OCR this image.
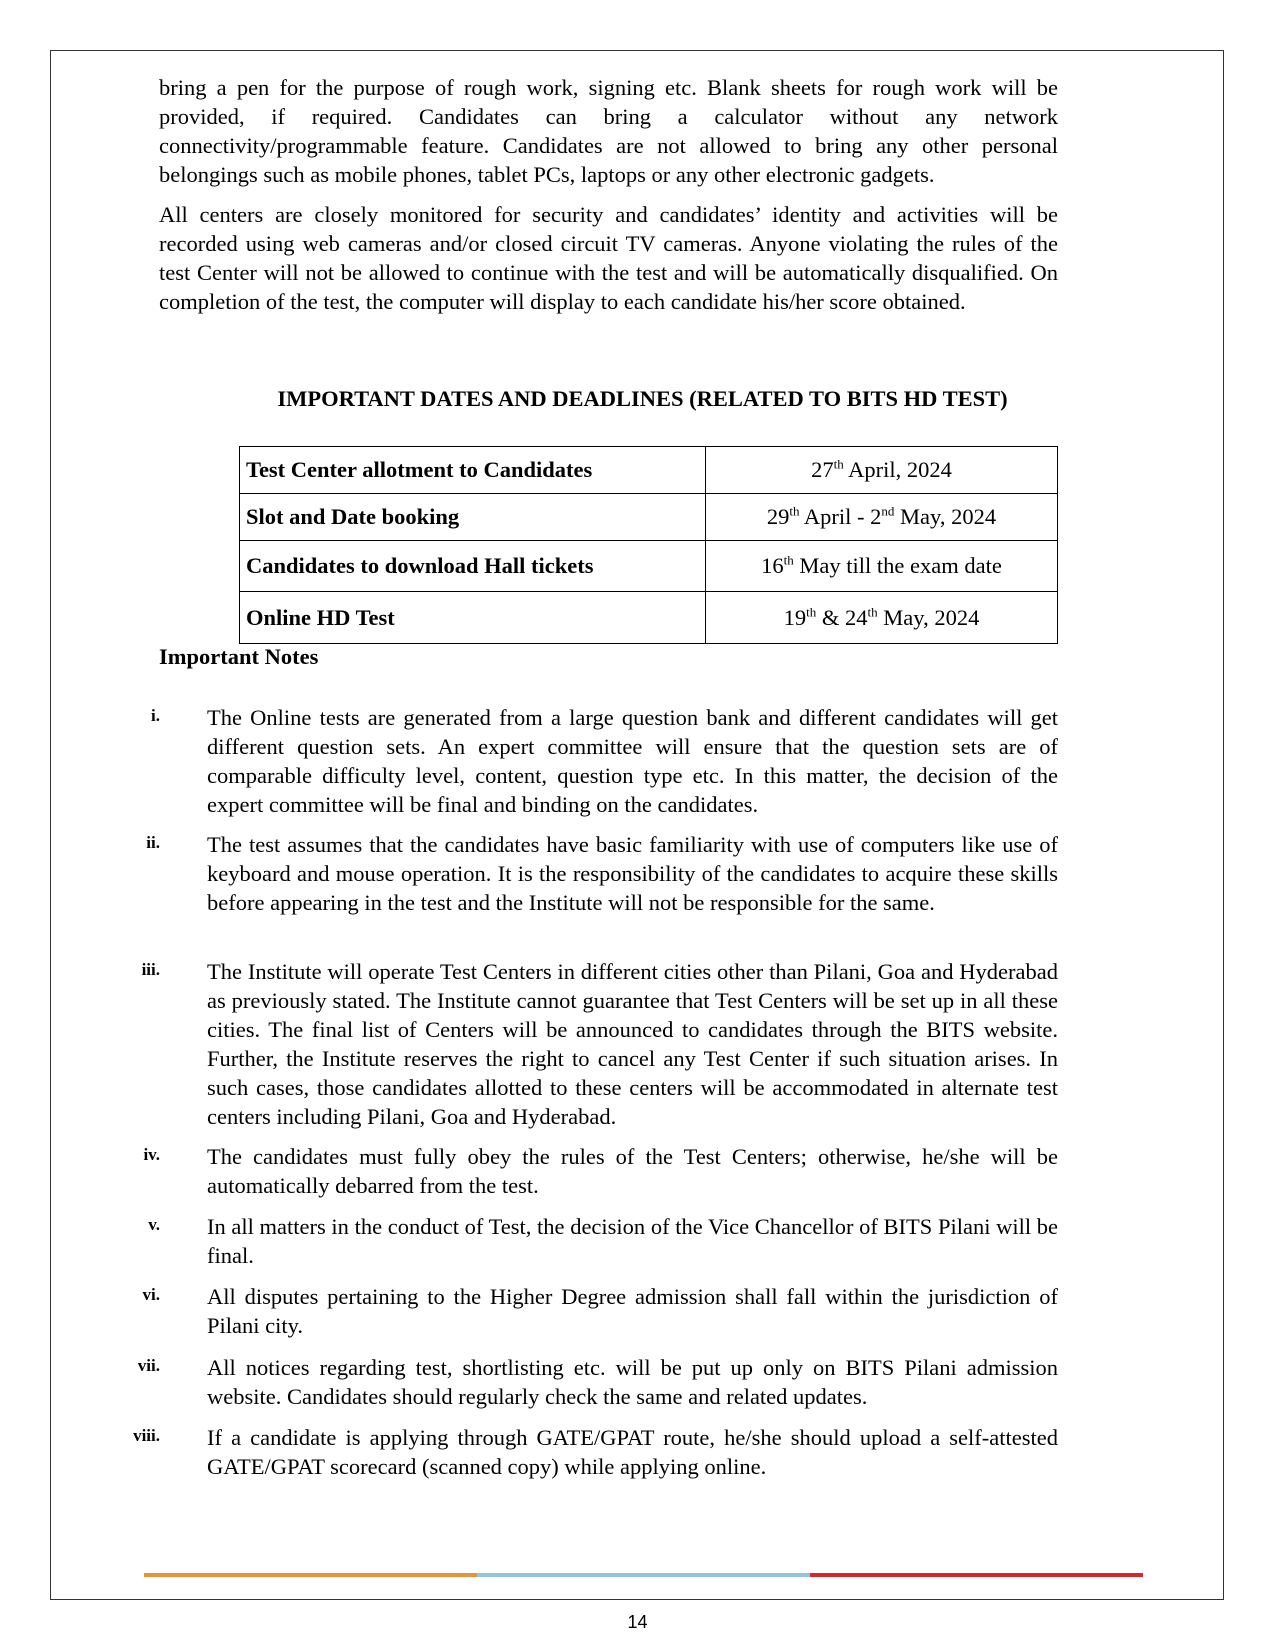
bring a pen for the purpose of rough work, signing etc. Blank sheets for rough work will be provided, if required. Candidates can bring a calculator without any network connectivity/programmable feature. Candidates are not allowed to bring any other personal belongings such as mobile phones, tablet PCs, laptops or any other electronic gadgets.

All centers are closely monitored for security and candidates’ identity and activities will be recorded using web cameras and/or closed circuit TV cameras. Anyone violating the rules of the test Center will not be allowed to continue with the test and will be automatically disqualified. On completion of the test, the computer will display to each candidate his/her score obtained.

IMPORTANT DATES AND DEADLINES (RELATED TO BITS HD TEST)
Test Center allotment to Candidates	27th April, 2024
Slot and Date booking	29th April - 2nd May, 2024
Candidates to download Hall tickets	16th May till the exam date
Online HD Test	19th & 24th May, 2024
Important Notes
i. The Online tests are generated from a large question bank and different candidates will get different question sets. An expert committee will ensure that the question sets are of comparable difficulty level, content, question type etc. In this matter, the decision of the expert committee will be final and binding on the candidates.

ii. The test assumes that the candidates have basic familiarity with use of computers like use of keyboard and mouse operation. It is the responsibility of the candidates to acquire these skills before appearing in the test and the Institute will not be responsible for the same.

iii. The Institute will operate Test Centers in different cities other than Pilani, Goa and Hyderabad as previously stated. The Institute cannot guarantee that Test Centers will be set up in all these cities. The final list of Centers will be announced to candidates through the BITS website. Further, the Institute reserves the right to cancel any Test Center if such situation arises. In such cases, those candidates allotted to these centers will be accommodated in alternate test centers including Pilani, Goa and Hyderabad.

iv. The candidates must fully obey the rules of the Test Centers; otherwise, he/she will be automatically debarred from the test.

v. In all matters in the conduct of Test, the decision of the Vice Chancellor of BITS Pilani will be final.

vi. All disputes pertaining to the Higher Degree admission shall fall within the jurisdiction of Pilani city.

vii. All notices regarding test, shortlisting etc. will be put up only on BITS Pilani admission website. Candidates should regularly check the same and related updates.

viii. If a candidate is applying through GATE/GPAT route, he/she should upload a self-attested GATE/GPAT scorecard (scanned copy) while applying online.

14
